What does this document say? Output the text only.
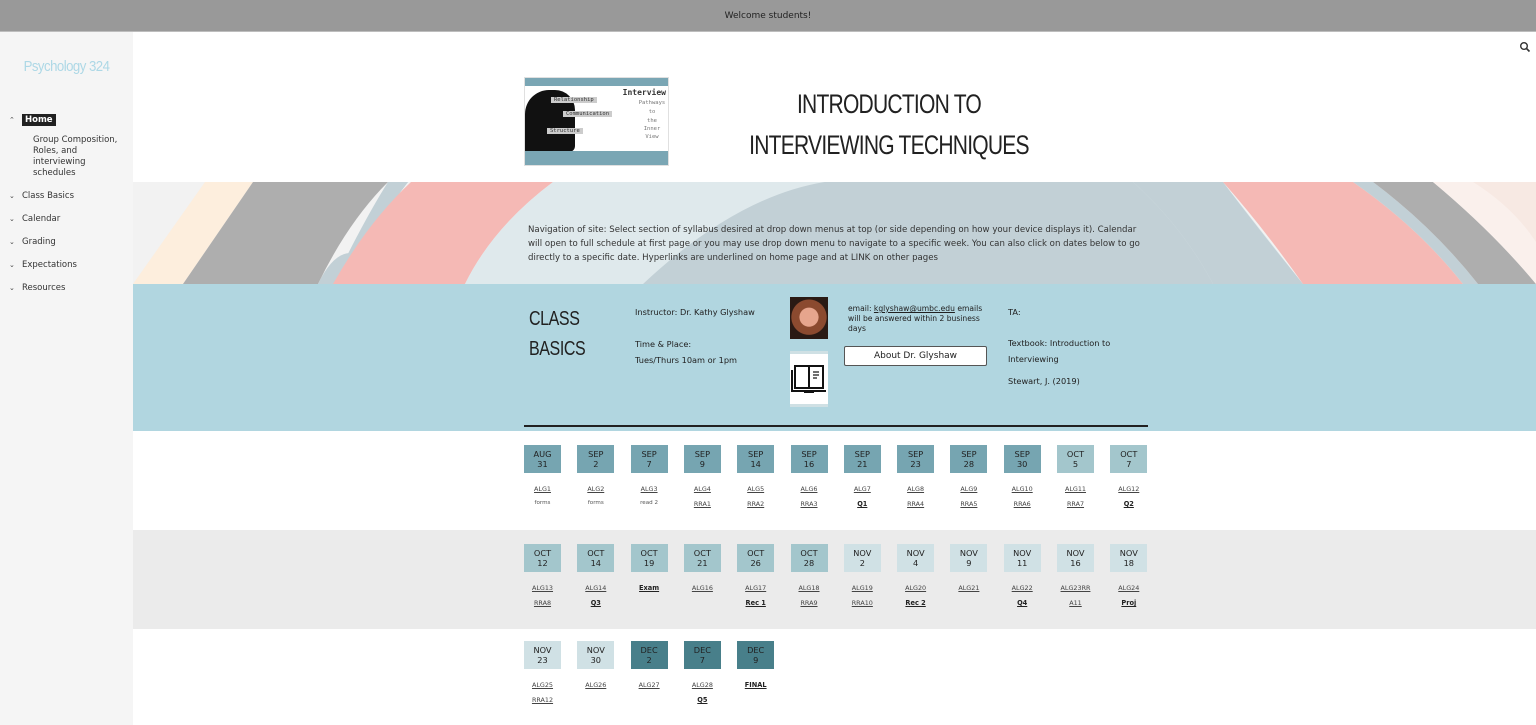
Welcome students!
Psychology 324
⌃	Home
Group Composition, Roles, and interviewing schedules
⌄ Class Basics
⌄ Calendar
⌄ Grading
⌄ Expectations
⌄ Resources
Interview
Relationship
Communication
Structure
Pathways
to
the
Inner
View
INTRODUCTION TO INTERVIEWING TECHNIQUES
Navigation of site: Select section of syllabus desired at drop down menus at top (or side depending on how your device displays it). Calendar will open to full schedule at first page or you may use drop down menu to navigate to a specific week. You can also click on dates below to go directly to a specific date. Hyperlinks are underlined on home page and at LINK on other pages
CLASS
BASICS
Instructor: Dr. Kathy Glyshaw
Time & Place:
Tues/Thurs 10am or 1pm
email: kglyshaw@umbc.edu emails will be answered within 2 business days
About Dr. Glyshaw
TA:
Textbook: Introduction to Interviewing
Stewart, J. (2019)
AUG
31
ALG1
forms
SEP
2
ALG2
forms
SEP
7
ALG3
read 2
SEP
9
ALG4
RRA1
SEP
14
ALG5
RRA2
SEP
16
ALG6
RRA3
SEP
21
ALG7
Q1
SEP
23
ALG8
RRA4
SEP
28
ALG9
RRA5
SEP
30
ALG10
RRA6
OCT
5
ALG11
RRA7
OCT
7
ALG12
Q2
OCT
12
ALG13
RRA8
OCT
14
ALG14
Q3
OCT
19
Exam
OCT
21
ALG16
OCT
26
ALG17
Rec 1
OCT
28
ALG18
RRA9
NOV
2
ALG19
RRA10
NOV
4
ALG20
Rec 2
NOV
9
ALG21
NOV
11
ALG22
Q4
NOV
16
ALG23RR
A11
NOV
18
ALG24
Proj
NOV
23
ALG25
RRA12
NOV
30
ALG26
DEC
2
ALG27
DEC
7
ALG28
Q5
DEC
9
FINAL
